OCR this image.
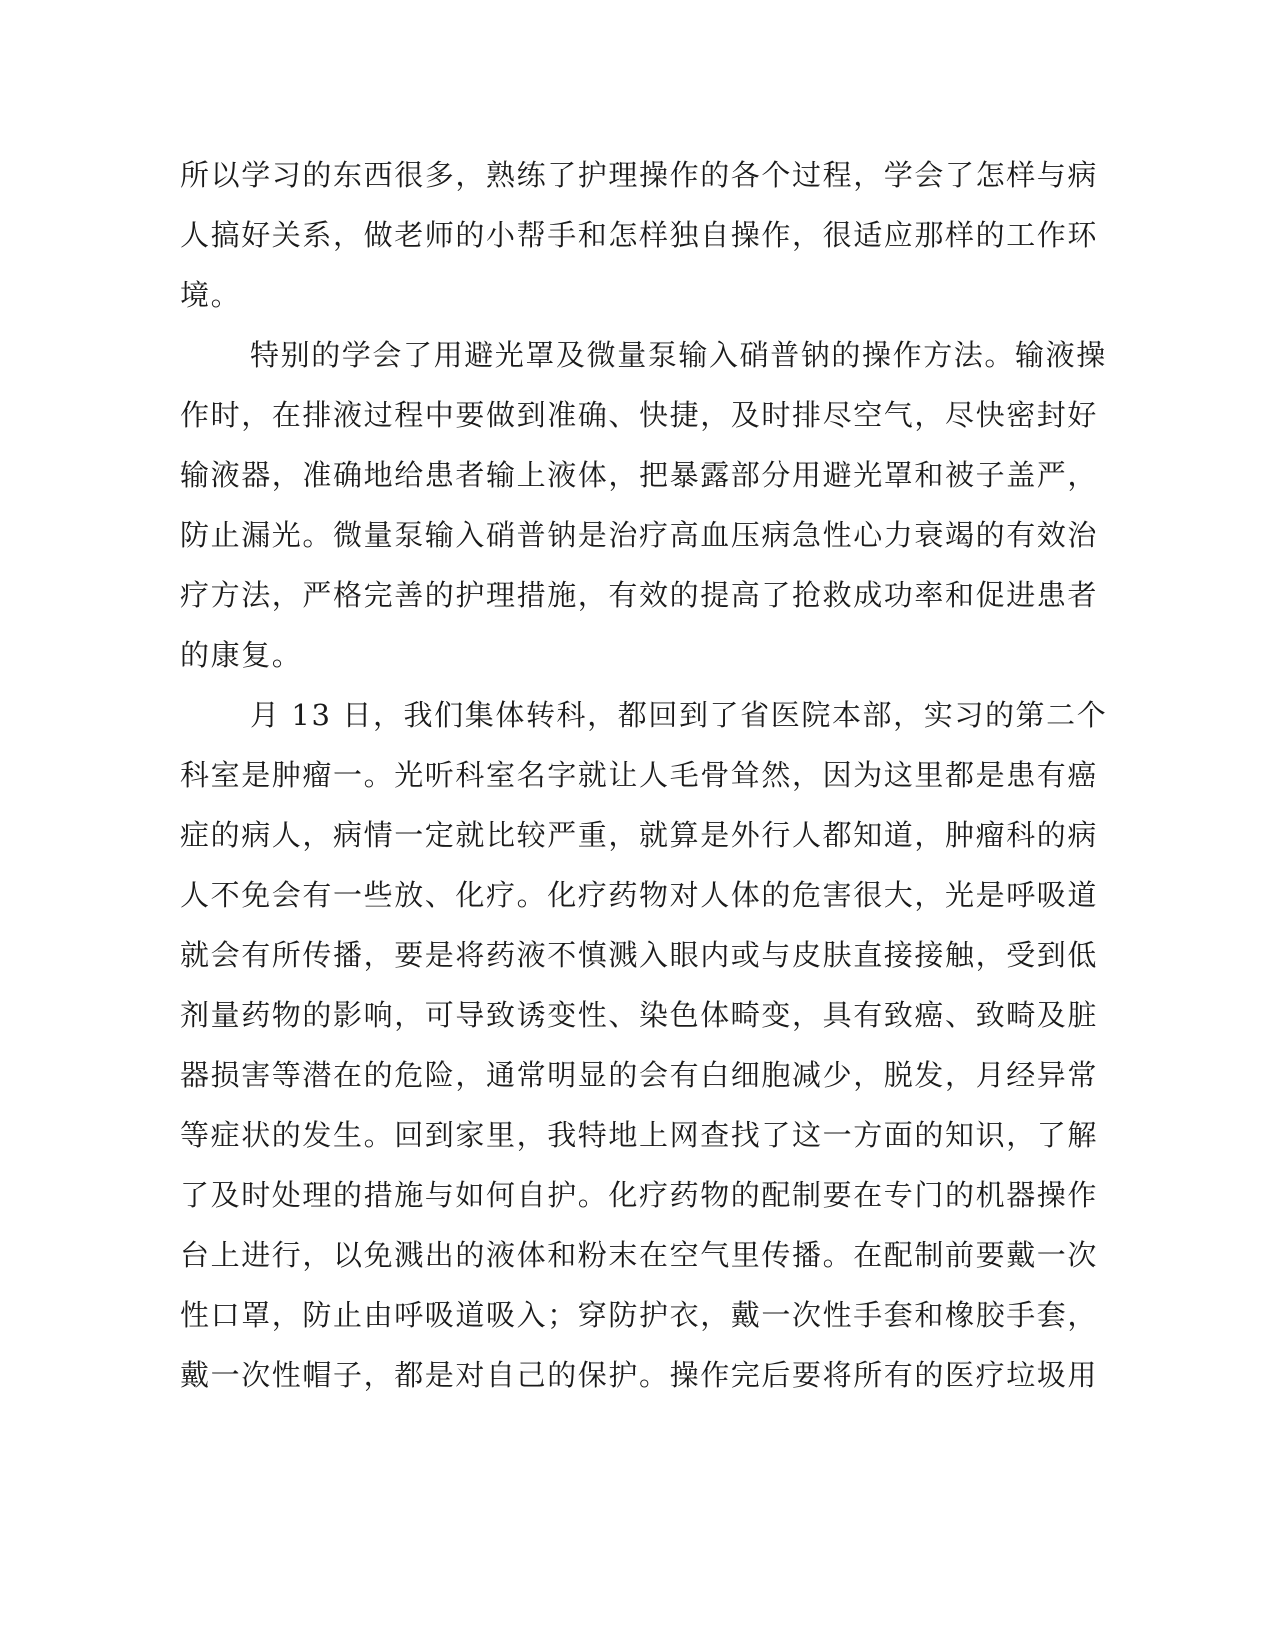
所以学习的东西很多，熟练了护理操作的各个过程，学会了怎样与病
人搞好关系，做老师的小帮手和怎样独自操作，很适应那样的工作环
境。
特别的学会了用避光罩及微量泵输入硝普钠的操作方法。输液操
作时，在排液过程中要做到准确、快捷，及时排尽空气，尽快密封好
输液器，准确地给患者输上液体，把暴露部分用避光罩和被子盖严，
防止漏光。微量泵输入硝普钠是治疗高血压病急性心力衰竭的有效治
疗方法，严格完善的护理措施，有效的提高了抢救成功率和促进患者
的康复。
月 13 日，我们集体转科，都回到了省医院本部，实习的第二个
科室是肿瘤一。光听科室名字就让人毛骨耸然，因为这里都是患有癌
症的病人，病情一定就比较严重，就算是外行人都知道，肿瘤科的病
人不免会有一些放、化疗。化疗药物对人体的危害很大，光是呼吸道
就会有所传播，要是将药液不慎溅入眼内或与皮肤直接接触，受到低
剂量药物的影响，可导致诱变性、染色体畸变，具有致癌、致畸及脏
器损害等潜在的危险，通常明显的会有白细胞减少，脱发，月经异常
等症状的发生。回到家里，我特地上网查找了这一方面的知识，了解
了及时处理的措施与如何自护。化疗药物的配制要在专门的机器操作
台上进行，以免溅出的液体和粉末在空气里传播。在配制前要戴一次
性口罩，防止由呼吸道吸入；穿防护衣，戴一次性手套和橡胶手套，
戴一次性帽子，都是对自己的保护。操作完后要将所有的医疗垃圾用
